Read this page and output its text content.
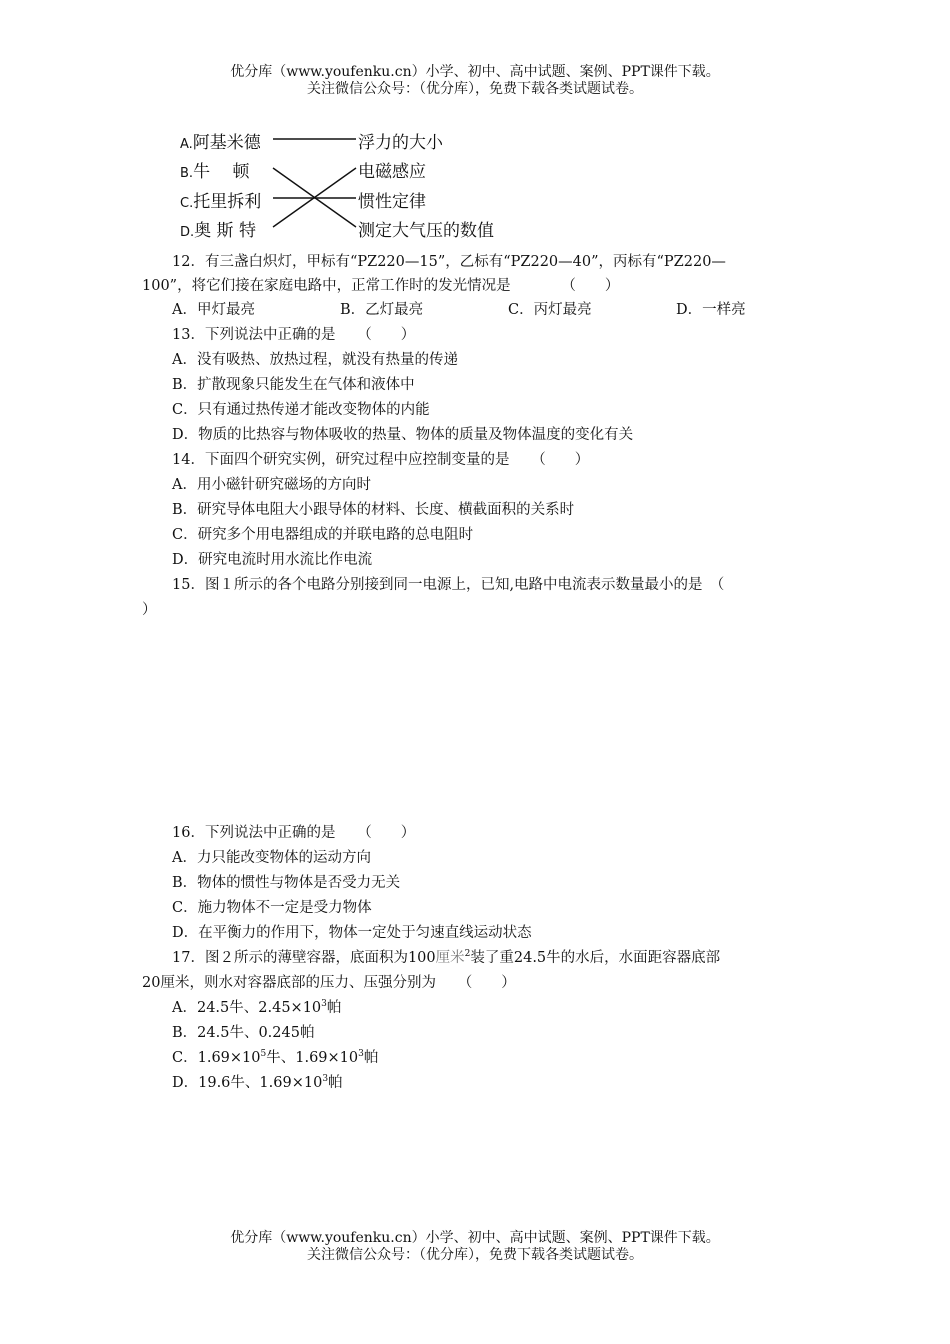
优分库（www.youfenku.cn）小学、初中、高中试题、案例、PPT课件下载。
关注微信公众号：（优分库），免费下载各类试题试卷。
A.阿基米德
B.牛　 顿
C.托里拆利
D.奥 斯 特
浮力的大小
电磁感应
惯性定律
测定大气压的数值
12．有三盏白炽灯，甲标有“PZ220—15”，乙标有“PZ220—40”，丙标有“PZ220—
100”，将它们接在家庭电路中，正常工作时的发光情况是　　　　（　　）
A．甲灯最亮	B．乙灯最亮	C．丙灯最亮	D．一样亮
13．下列说法中正确的是　　（　　）
A．没有吸热、放热过程，就没有热量的传递
B．扩散现象只能发生在气体和液体中
C．只有通过热传递才能改变物体的内能
D．物质的比热容与物体吸收的热量、物体的质量及物体温度的变化有关
14．下面四个研究实例，研究过程中应控制变量的是　　（　　）
A．用小磁针研究磁场的方向时
B．研究导体电阻大小跟导体的材料、长度、横截面积的关系时
C．研究多个用电器组成的并联电路的总电阻时
D．研究电流时用水流比作电流
15．图１所示的各个电路分别接到同一电源上，已知,电路中电流表示数量最小的是　（
）
16．下列说法中正确的是　　（　　）
A．力只能改变物体的运动方向
B．物体的惯性与物体是否受力无关
C．施力物体不一定是受力物体
D．在平衡力的作用下，物体一定处于匀速直线运动状态
17．图２所示的薄壁容器，底面积为100厘米$^2$装了重24.5牛的水后，水面距容器底部
20厘米，则水对容器底部的压力、压强分别为　　（　　）
A．24.5牛、$2.45\times 10^3$帕
B．24.5牛、0.245帕
C．$1.69\times 10^5$牛、$1.69\times 10^3$帕
D．19.6牛、$1.69\times 10^3$帕
优分库（www.youfenku.cn）小学、初中、高中试题、案例、PPT课件下载。
关注微信公众号：（优分库），免费下载各类试题试卷。
